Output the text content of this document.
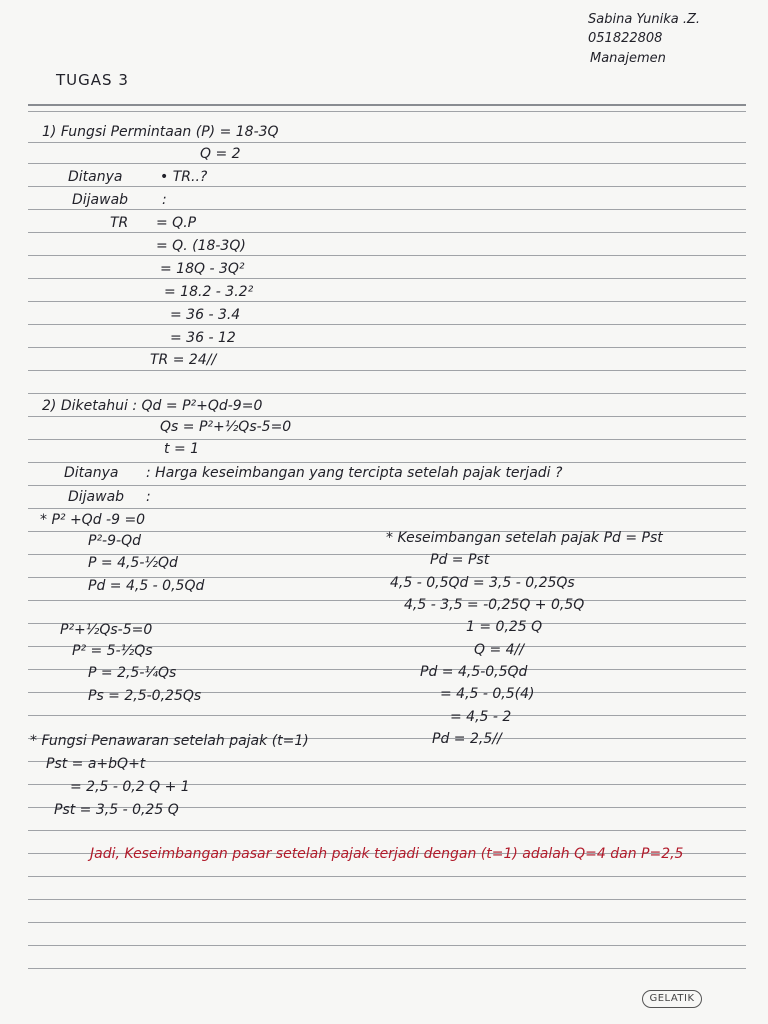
Sabina Yunika .Z.
051822808
Manajemen
TUGAS 3
1) Fungsi Permintaan (P) = 18-3Q
Q = 2
Ditanya	• TR..?
Dijawab :
TR = Q.P
= Q. (18-3Q)
= 18Q - 3Q²
= 18.2 - 3.2²
= 36 - 3.4
= 36 - 12
TR = 24//
2) Diketahui : Qd = P²+Qd-9=0
Qs = P²+½Qs-5=0
t = 1
Ditanya : Harga keseimbangan yang tercipta setelah pajak terjadi ?
Dijawab :
* P² +Qd -9 =0
P²-9-Qd
P = 4,5-½Qd
Pd = 4,5 - 0,5Qd
P²+½Qs-5=0
P² = 5-½Qs
P = 2,5-¼Qs
Ps = 2,5-0,25Qs
* Keseimbangan setelah pajak Pd = Pst
Pd = Pst
4,5 - 0,5Qd = 3,5 - 0,25Qs
4,5 - 3,5 = -0,25Q + 0,5Q
1 = 0,25 Q
Q = 4//
Pd = 4,5-0,5Qd
= 4,5 - 0,5(4)
= 4,5 - 2
Pd = 2,5//
* Fungsi Penawaran setelah pajak (t=1)
Pst = a+bQ+t
= 2,5 - 0,2 Q + 1
Pst = 3,5 - 0,25 Q
Jadi, Keseimbangan pasar setelah pajak terjadi dengan (t=1) adalah Q=4 dan P=2,5
GELATIK
